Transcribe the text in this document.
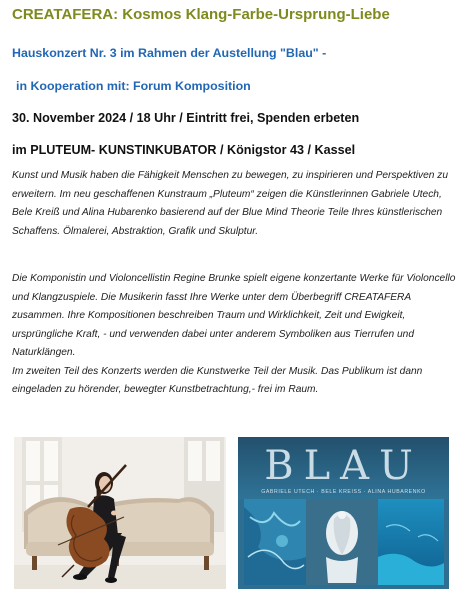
CREATAFERA: Kosmos Klang-Farbe-Ursprung-Liebe
Hauskonzert Nr. 3 im Rahmen der Austellung "Blau" -
in Kooperation mit: Forum Komposition
30. November 2024 / 18 Uhr / Eintritt frei, Spenden erbeten
im PLUTEUM- KUNSTINKUBATOR / Königstor 43 / Kassel
Kunst und Musik haben die Fähigkeit Menschen zu bewegen, zu inspirieren und Perspektiven zu erweitern. Im neu geschaffenen Kunstraum „Pluteum“ zeigen die Künstlerinnen Gabriele Utech, Bele Kreiß und Alina Hubarenko basierend auf der Blue Mind Theorie Teile Ihres künstlerischen Schaffens. Ölmalerei, Abstraktion, Grafik und Skulptur.
Die Komponistin und Violoncellistin Regine Brunke spielt eigene konzertante Werke für Violoncello und Klangzuspiele. Die Musikerin fasst Ihre Werke unter dem Überbegriff CREATAFERA zusammen. Ihre Kompositionen beschreiben Traum und Wirklichkeit, Zeit und Ewigkeit, ursprüngliche Kraft, - und verwenden dabei unter anderem Symboliken aus Tierrufen und Naturklängen.
Im zweiten Teil des Konzerts werden die Kunstwerke Teil der Musik. Das Publikum ist dann eingeladen zu hörender, bewegter Kunstbetrachtung,- frei im Raum.
BLAU
GABRIELE UTECH · BELE KREISS · ALINA HUBARENKO
